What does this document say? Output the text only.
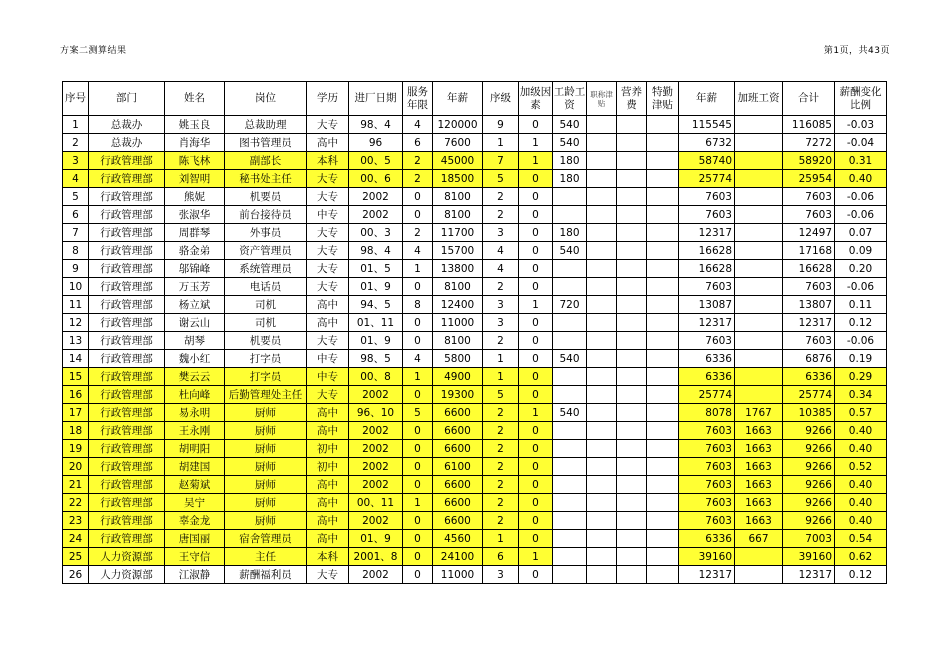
方案二测算结果	第1页，共43页
序号	部门	姓名	岗位	学历	进厂日期	服务年限	年薪	序级	加级因素	工龄工资	职称津贴	营养费	特勤津贴	年薪	加班工资	合计	薪酬变化比例
1	总裁办	姚玉良	总裁助理	大专	98、4	4	120000	9	0	540				115545		116085	-0.03
2	总裁办	肖海华	图书管理员	高中	96	6	7600	1	1	540				6732		7272	-0.04
3	行政管理部	陈飞林	副部长	本科	00、5	2	45000	7	1	180				58740		58920	0.31
4	行政管理部	刘智明	秘书处主任	大专	00、6	2	18500	5	0	180				25774		25954	0.40
5	行政管理部	熊妮	机要员	大专	2002	0	8100	2	0					7603		7603	-0.06
6	行政管理部	张淑华	前台接待员	中专	2002	0	8100	2	0					7603		7603	-0.06
7	行政管理部	周群琴	外事员	大专	00、3	2	11700	3	0	180				12317		12497	0.07
8	行政管理部	骆金弟	资产管理员	大专	98、4	4	15700	4	0	540				16628		17168	0.09
9	行政管理部	邬锦峰	系统管理员	大专	01、5	1	13800	4	0					16628		16628	0.20
10	行政管理部	万玉芳	电话员	大专	01、9	0	8100	2	0					7603		7603	-0.06
11	行政管理部	杨立斌	司机	高中	94、5	8	12400	3	1	720				13087		13807	0.11
12	行政管理部	谢云山	司机	高中	01、11	0	11000	3	0					12317		12317	0.12
13	行政管理部	胡琴	机要员	大专	01、9	0	8100	2	0					7603		7603	-0.06
14	行政管理部	魏小红	打字员	中专	98、5	4	5800	1	0	540				6336		6876	0.19
15	行政管理部	樊云云	打字员	中专	00、8	1	4900	1	0					6336		6336	0.29
16	行政管理部	杜向峰	后勤管理处主任	大专	2002	0	19300	5	0					25774		25774	0.34
17	行政管理部	易永明	厨师	高中	96、10	5	6600	2	1	540				8078	1767	10385	0.57
18	行政管理部	王永刚	厨师	高中	2002	0	6600	2	0					7603	1663	9266	0.40
19	行政管理部	胡明阳	厨师	初中	2002	0	6600	2	0					7603	1663	9266	0.40
20	行政管理部	胡建国	厨师	初中	2002	0	6100	2	0					7603	1663	9266	0.52
21	行政管理部	赵菊斌	厨师	高中	2002	0	6600	2	0					7603	1663	9266	0.40
22	行政管理部	吴宁	厨师	高中	00、11	1	6600	2	0					7603	1663	9266	0.40
23	行政管理部	辜金龙	厨师	高中	2002	0	6600	2	0					7603	1663	9266	0.40
24	行政管理部	唐国丽	宿舍管理员	高中	01、9	0	4560	1	0					6336	667	7003	0.54
25	人力资源部	王守信	主任	本科	2001、8	0	24100	6	1					39160		39160	0.62
26	人力资源部	江淑静	薪酬福利员	大专	2002	0	11000	3	0					12317		12317	0.12
